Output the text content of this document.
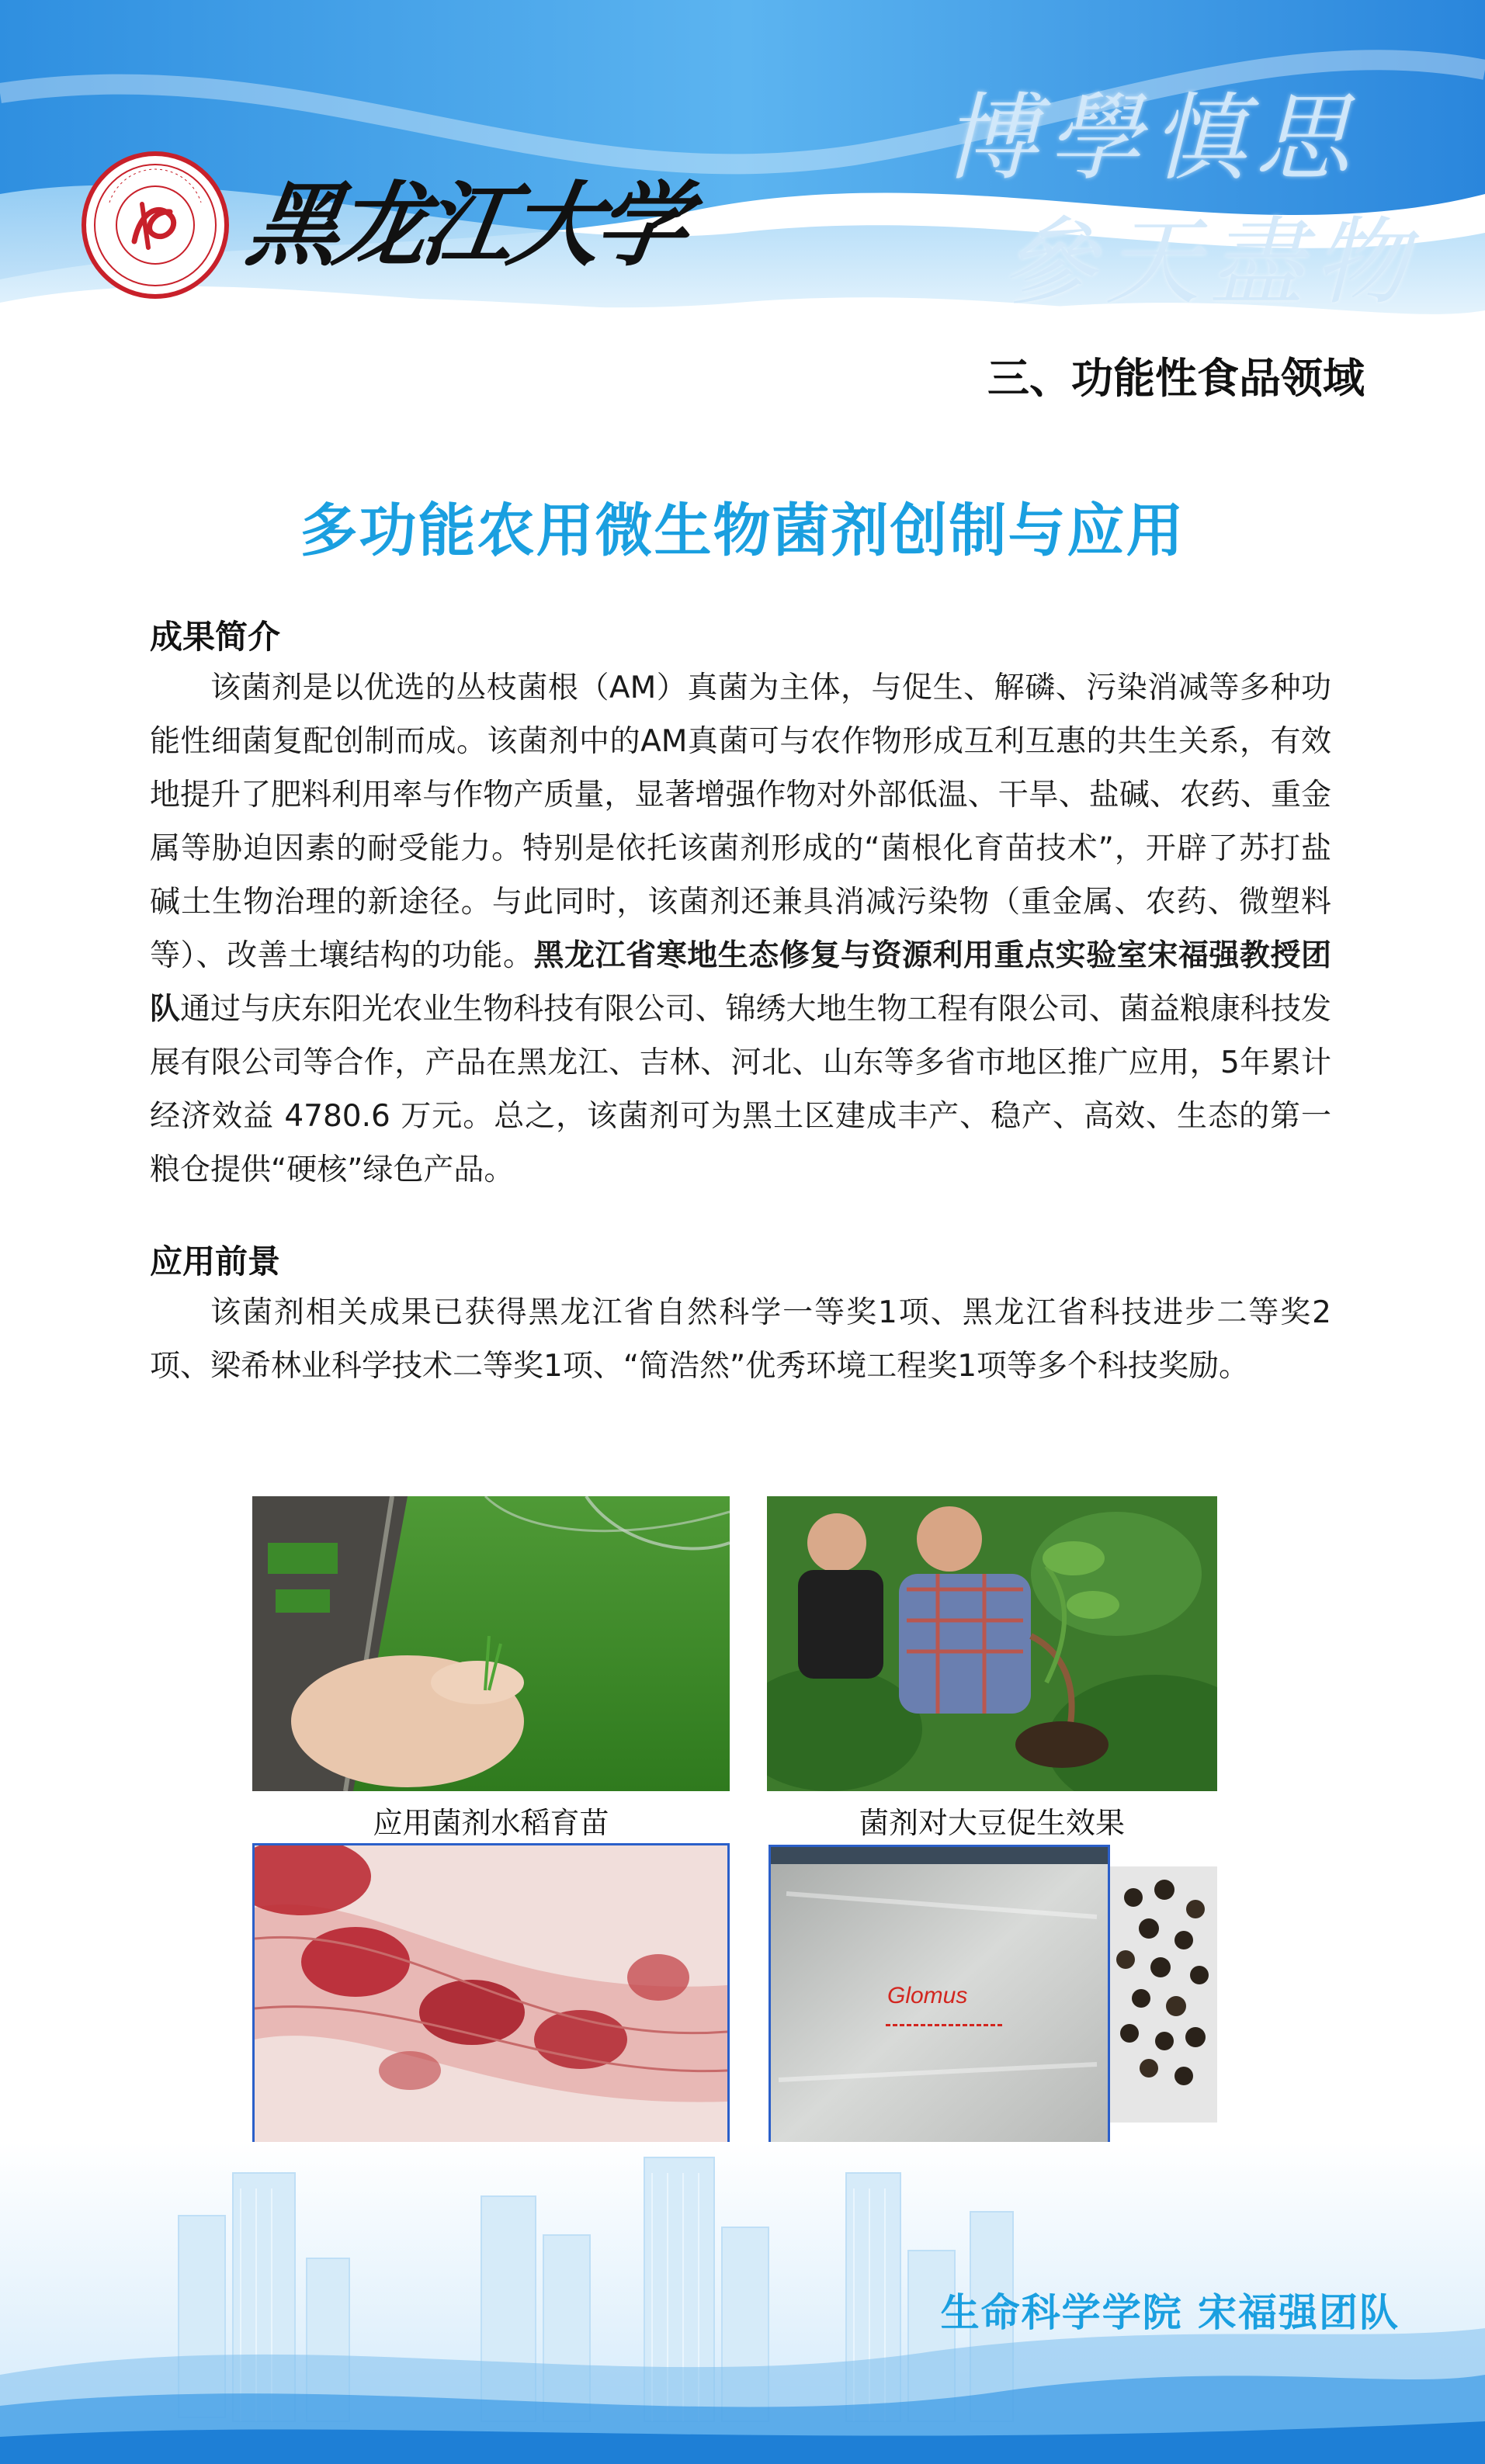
黑龙江大学
博學慎思
參天盡物
三、功能性食品领域
多功能农用微生物菌剂创制与应用
成果简介

该菌剂是以优选的丛枝菌根（AM）真菌为主体，与促生、解磷、污染消减等多种功能性细菌复配创制而成。该菌剂中的AM真菌可与农作物形成互利互惠的共生关系，有效地提升了肥料利用率与作物产质量，显著增强作物对外部低温、干旱、盐碱、农药、重金属等胁迫因素的耐受能力。特别是依托该菌剂形成的“菌根化育苗技术”，开辟了苏打盐碱土生物治理的新途径。与此同时，该菌剂还兼具消减污染物（重金属、农药、微塑料等）、改善土壤结构的功能。黑龙江省寒地生态修复与资源利用重点实验室宋福强教授团队通过与庆东阳光农业生物科技有限公司、锦绣大地生物工程有限公司、菌益粮康科技发展有限公司等合作，产品在黑龙江、吉林、河北、山东等多省市地区推广应用，5年累计经济效益 4780.6 万元。总之，该菌剂可为黑土区建成丰产、稳产、高效、生态的第一粮仓提供“硬核”绿色产品。

应用前景

该菌剂相关成果已获得黑龙江省自然科学一等奖1项、黑龙江省科技进步二等奖2项、梁希林业科学技术二等奖1项、“简浩然”优秀环境工程奖1项等多个科技奖励。

应用菌剂水稻育苗	菌剂对大豆促生效果
Glomus
生命科学学院 宋福强团队
